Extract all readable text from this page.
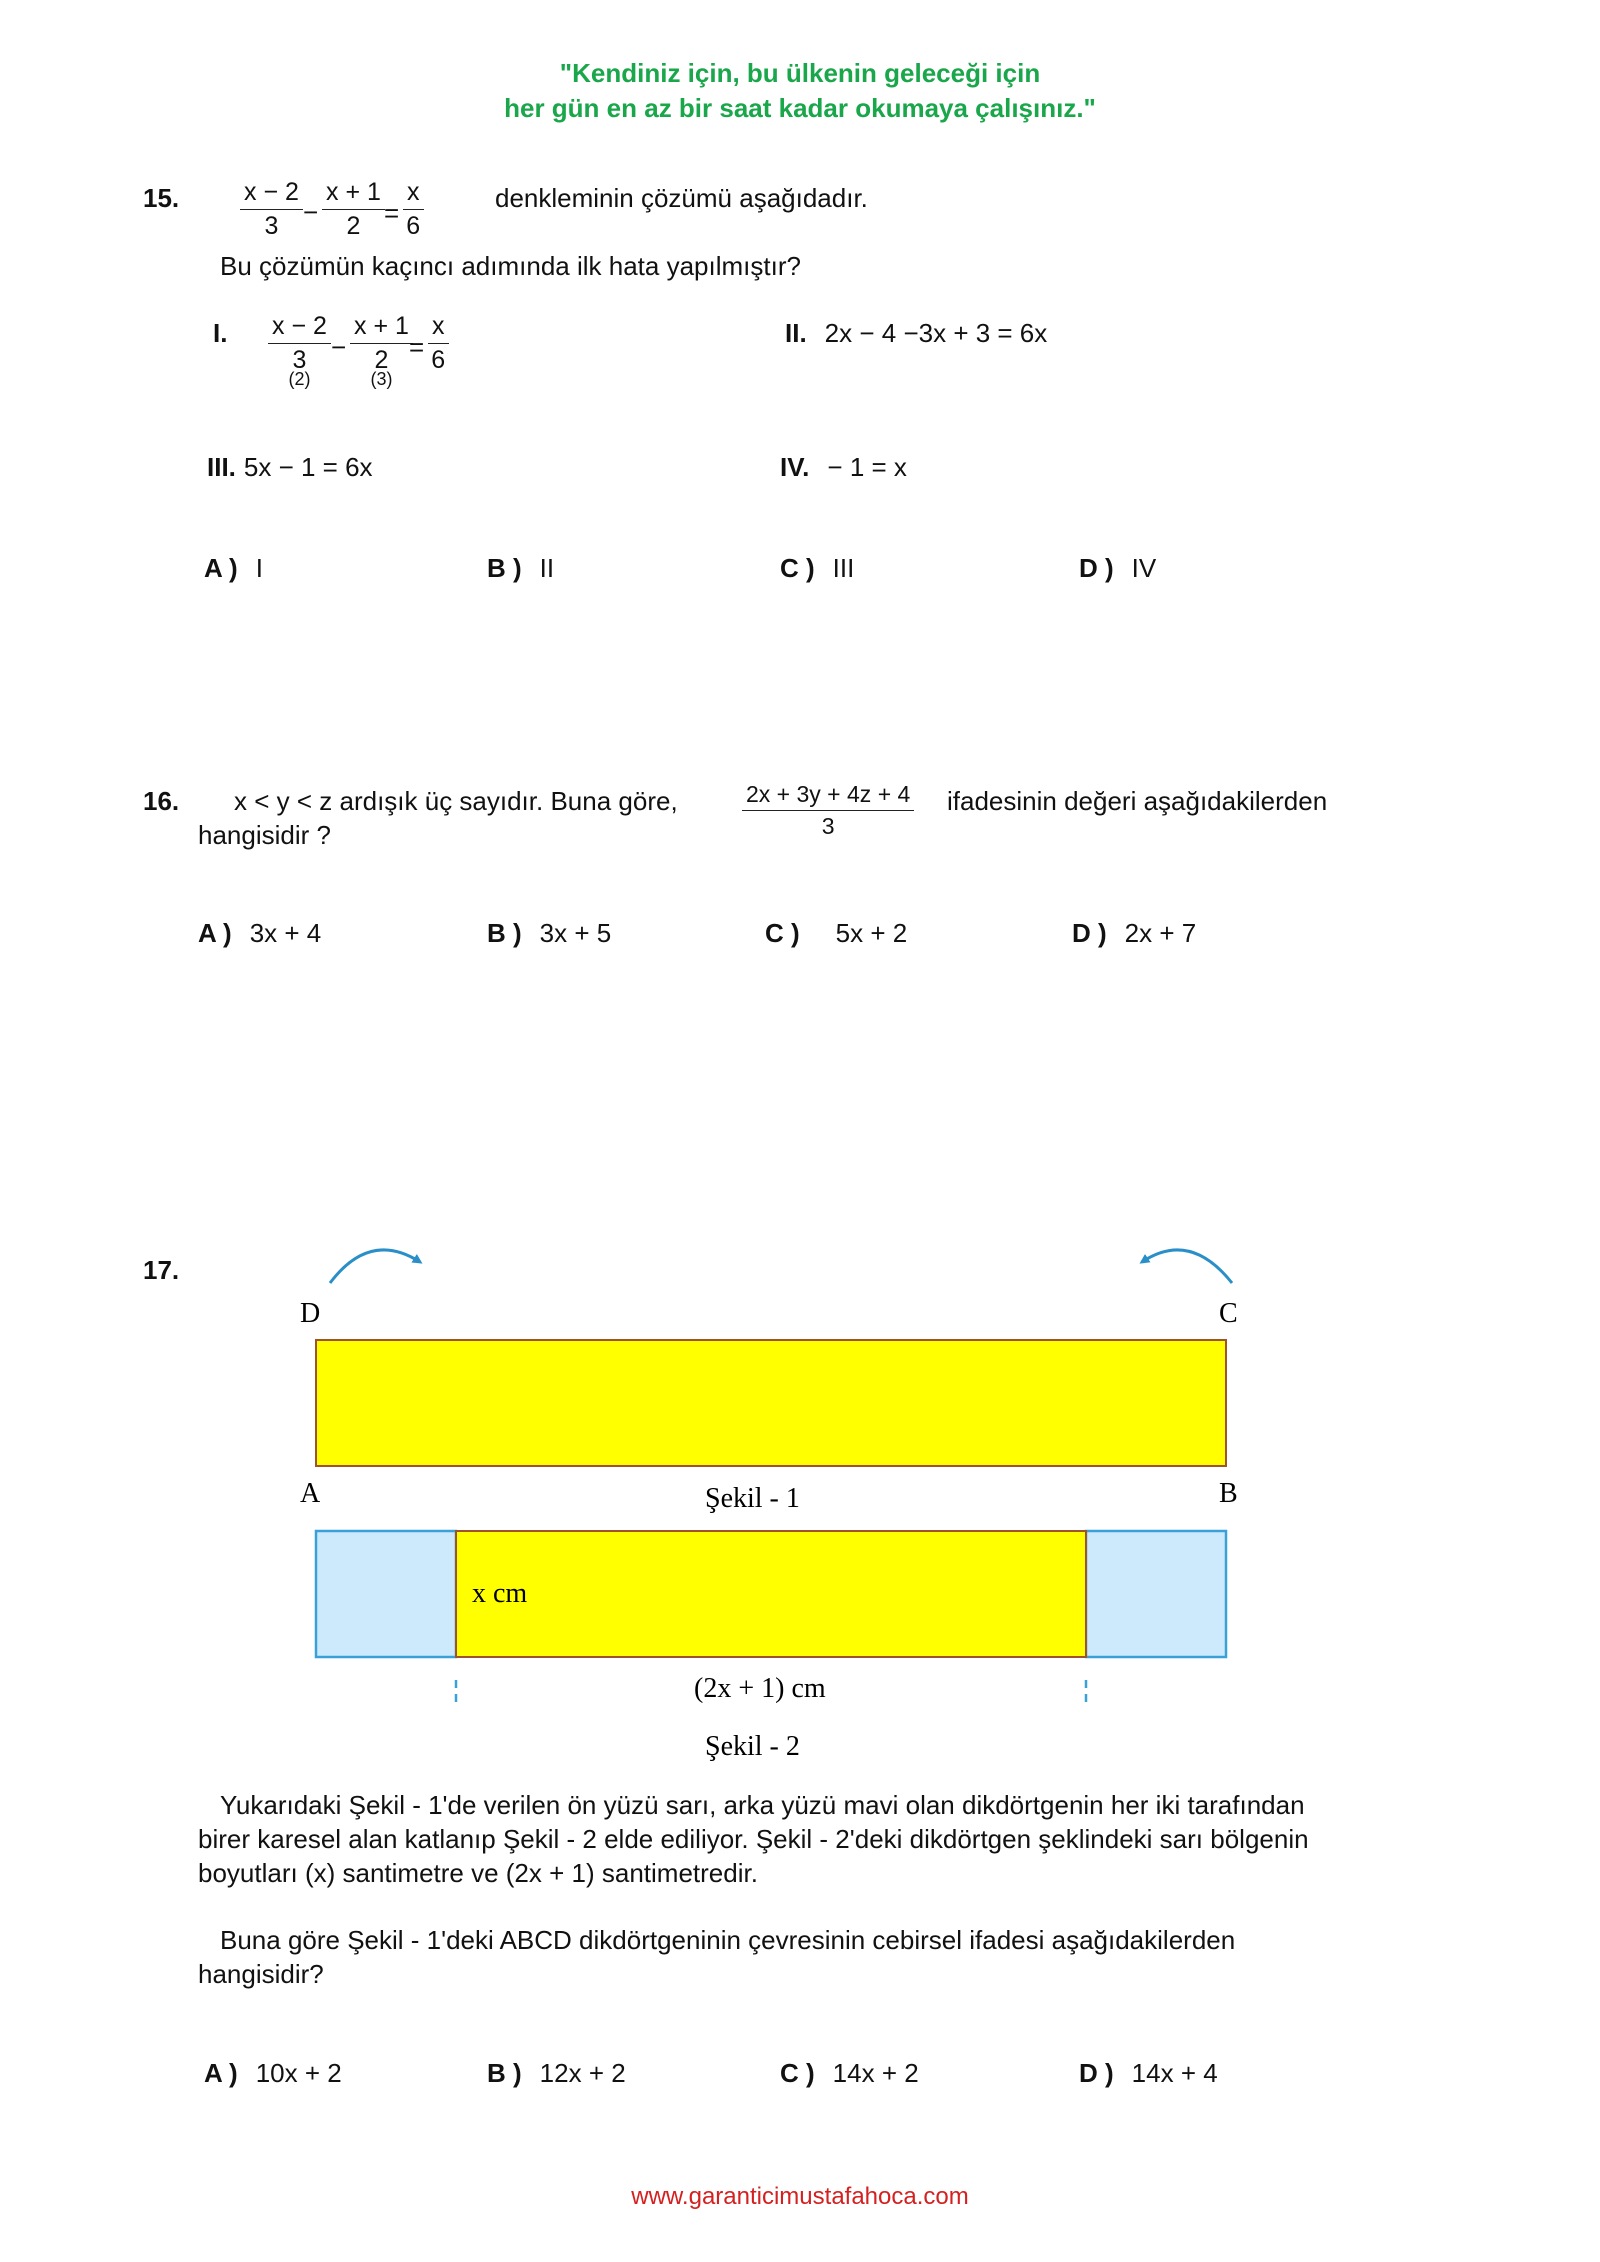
"Kendiniz için, bu ülkenin geleceği için
her gün en az bir saat kadar okumaya çalışınız."
15. $\frac{x - 2}{3} - \frac{x + 1}{2} = \frac{x}{6}$	denkleminin çözümü aşağıdadır.
Bu çözümün kaçıncı adımında ilk hata yapılmıştır?
I. x − 2
3
(2)
−
x + 1
2
(3)
= $\frac{x}{6}$	II. 2x − 4 −3x + 3 = 6x
III. 5x − 1 = 6x	IV. − 1 = x
A ) I	B ) II	C ) III	D ) IV
16. x < y < z ardışık üç sayıdır. Buna göre,	$\frac{2x + 3y + 4z + 4}{3}$ ifadesinin değeri aşağıdakilerden
hangisidir ?
A ) 3x + 4	B ) 3x + 5	C ) 5x + 2	D ) 2x + 7
17.
D	C
A	B
Şekil - 1
x cm
(2x + 1) cm
Şekil - 2
Yukarıdaki Şekil - 1'de verilen ön yüzü sarı, arka yüzü mavi olan dikdörtgenin her iki tarafından
birer karesel alan katlanıp Şekil - 2 elde ediliyor. Şekil - 2'deki dikdörtgen şeklindeki sarı bölgenin
boyutları (x) santimetre ve (2x + 1) santimetredir.
Buna göre Şekil - 1'deki ABCD dikdörtgeninin çevresinin cebirsel ifadesi aşağıdakilerden
hangisidir?
A ) 10x + 2	B ) 12x + 2	C ) 14x + 2	D ) 14x + 4
www.garanticimustafahoca.com
